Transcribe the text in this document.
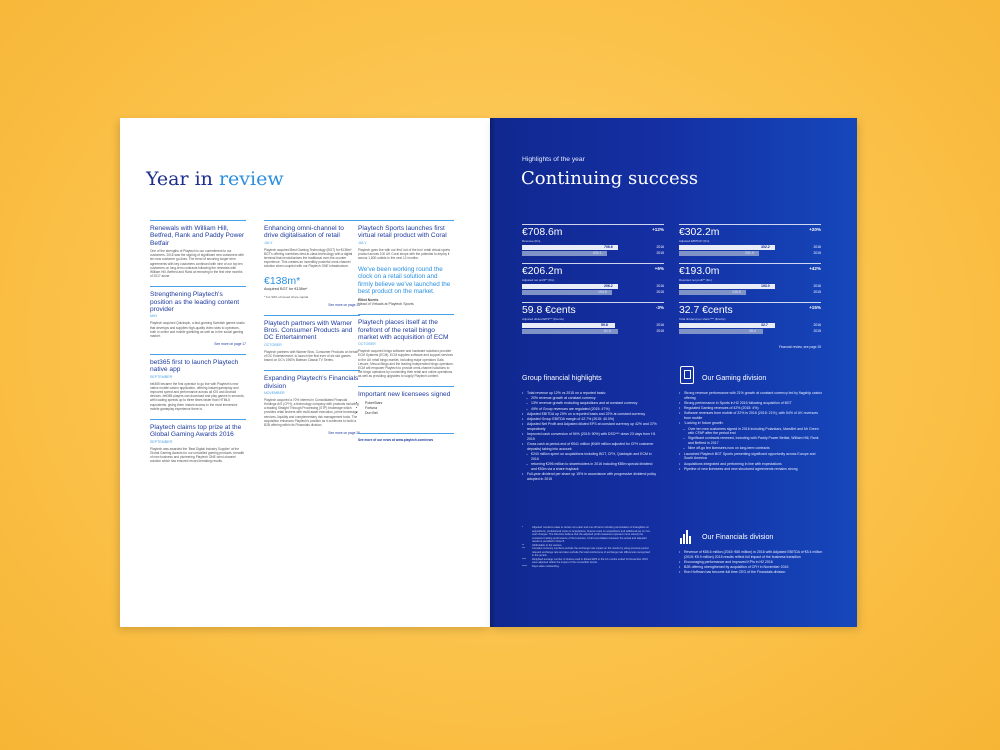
Year in review
Renewals with William Hill, Betfred, Rank and Paddy Power Betfair

One of the strengths of Playtech is our commitment to our customers. 2016 saw the signing of significant new customers with ten new customer go-lives. The trend of securing longer term agreements with key customers continued with nine of our top ten customers on long-term contracts following the renewals with William Hill, Betfred and Rank at renewing in the first nine months of 2017 alone.

Strengthening Playtech's position as the leading content provider
MAY

Playtech acquired Quickspin, a fast-growing Swedish games studio that develops and supplies high-quality video slots to operators, both in online and mobile gambling as well as in the social gaming market.

See more on page 17
bet365 first to launch Playtech native app
SEPTEMBER

bet365 became the first operator to go live with Playtech's new native mobile casino application, offering instant gameplay and improved speed and performance across all iOS and Android devices. bet365 players can download and play games in seconds, with loading speeds up to three times faster than HTML5 equivalents, giving them instant access to the most immersive mobile gameplay experience there is.

Playtech claims top prize at the Global Gaming Awards 2016
SEPTEMBER

Playtech was awarded the 'Best Digital Industry Supplier' at the Global Gaming Awards for our unrivalled gaming products, breadth of new business and pioneering Playtech ONE omni-channel solution which has ensured record-breaking results.

Enhancing omni-channel to drive digitalisation of retail
JULY

Playtech acquired Best Gaming Technology (BGT) for €138m*. BGT's offering combines best-in-class technology with a digital terminal that revolutionises the traditional over-the-counter experience. This creates an incredibly powerful omni-channel solution when coupled with our Playtech ONE infrastructure.

€138m*
Acquired BGT for €138m*
* For 90% of issued share capital.
See more on page 23
Playtech partners with Warner Bros. Consumer Products and DC Entertainment
OCTOBER

Playtech partners with Warner Bros. Consumer Products on behalf of DC Entertainment, to launch the first ever of six slot games based on DC's 1960's Batman Classic TV Series.

Expanding Playtech's Financials division
NOVEMBER

Playtech acquired a 70% interest in Consolidated Financial Holdings A/S (CFH), a technology company with products including a leading Straight Through Processing (STP) brokerage which provides retail brokers with multi-asset execution, prime brokerage services, liquidity and complementary risk management tools. The acquisition enhances Playtech's position as it continues to build a B2B offering within its Financials division.

See more on page 26
Playtech Sports launches first virtual retail product with Coral
JULY

Playtech goes live with our first 'out of the box' retail virtual sports product across 100 UK Coral shops with the potential to deploy it across 1,800 outlets in the next 12 months.

We've been working round the clock on a retail solution and firmly believe we've launched the best product on the market.
Elliot Norris
Head of Virtuals at Playtech Sports
Playtech places itself at the forefront of the retail bingo market with acquisition of ECM
OCTOBER

Playtech acquired bingo software and hardware solutions provider ECM Systems (ECM). ECM supplies software and support services to the UK retail bingo market, including major operators Gala Leisure, Mecca Bingo and the leading independent bingo operators. ECM will empower Playtech to provide omni-channel solutions to the bingo operators by connecting their retail and online operations as well as providing upgrades to supply Playtech content.

Important new licensees signed
• PokerStars
• Fortuna
• Dun Bet

See more of our news at www.playtech.com/news

Highlights of the year
Continuing success
€708.6m	+12%
Revenue (€m)
706.6	2016
630.1	2015
€206.2m	+6%
Adjusted net profit** (€m)
206.2	2016
194.8	2015
59.8 €cents	-3%
Adjusted diluted EPS*** (€cents)
59.8	2016
61.5	2015
€302.2m	+20%
Adjusted EBITDA* (€m)
302.2	2016
251.9	2015
€193.0m	+42%
Reported net profit** (€m)
193.0	2016
135.8	2015
32.7 €cents	+15%
Total dividend per share**** (€cents)
32.7	2016
28.4	2015
Financial review, see page 28
Group financial highlights
• Total revenue up 12% vs 2015 on a reported basis:
– 20% revenue growth at constant currency
– 13% revenue growth excluding acquisitions and at constant currency
– 49% of Group revenues are regulated (2015: 47%)
• Adjusted EBITDA up 20% on a reported basis and 22% at constant currency
• Adjusted Group EBITDA margin of 42.7% (2015: 40.0%)
• Adjusted Net Profit and Adjusted diluted EPS at constant currency up 42% and 37% respectively
• Improved cash conversion of 94% (2015: 90%) with DSO*** down 23 days from H1 2015
• Gross cash at period-end of €541 million (€469 million adjusted for CFH customer deposits) taking into account:
– €240 million spent on acquisitions including BGT, CFH, Quickspin and ECM in 2016
– returning €296 million to shareholders in 2016 including €85m special dividend and €50m via a share buyback
• Full-year dividend per share up 15% in accordance with progressive dividend policy adopted in 2015
*	Adjusted numbers relate to certain non-cash and one-off items including amortisation of intangibles on acquisitions, professional costs on acquisitions, finance costs on acquisitions and additional tax on non-cash charges. The Directors believe that the adjusted profit measures represent more closely the consistent trading performance of the business. A full reconciliation between the actual and adjusted results is provided in Note 8.
**	Attributable to the owners.
***	Constant currency numbers exclude the exchange rate impact on the results by using previous period relevant exchange rate and also exclude the total cost/income of exchange rate differences recognised in the period.
**** Weighted average number of shares used in diluted EPS in the 12 months ended 31 December 2016 were adjusted reflect the impact of the convertible bonds.
***** Days sales outstanding.
Our Gaming division
• Strong revenue performance with 21% growth at constant currency led by flagship casino offering
• Strong performance in Sports in H2 2016 following acquisition of BGT
• Regulated Gaming revenues of 42% (2015: 4%)
• Software revenues from mobile of 22% in 2016 (2015: 21%), with 54% of UK revenues from mobile
• 'Locking in' future growth:
– Over ten new customers signed in 2016 including Polarstars, MarsBet and Mr Green with CFAP after the period end
– Significant contracts renewed, including with Paddy Power Betfair, William Hill, Rank and Betfred in 2017
– Nine off-go ten licensees now on long-term contracts
• Launched Playtech BGT Sports presenting significant opportunity across Europe and South America
• Acquisitions integrated and performing in line with expectations
• Pipeline of new licensees and new structured agreements remains strong
Our Financials division
• Revenue of €65.6 million (2015: €60 million) in 2016 with Adjusted EBITDA of €5.4 million (2015: €5.9 million) 2016 results reflect full impact of the business transition
• Encouraging performance and improved KPIs in H2 2016
• B2B offering strengthened by acquisition of CFH in November 2016
• Ron Hoffman has become full time CEO of the Financials division
